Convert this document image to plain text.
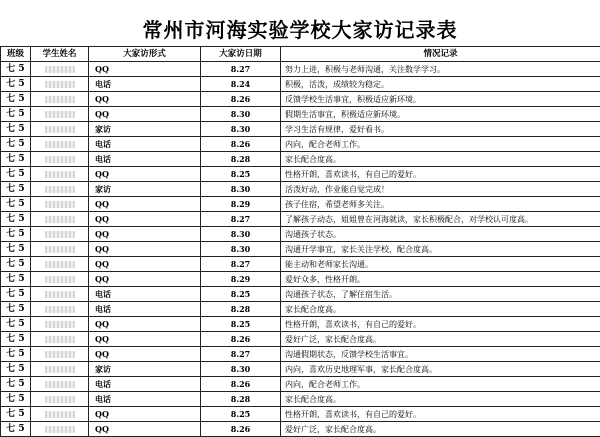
常州市河海实验学校大家访记录表
班级	学生姓名	大家访形式	大家访日期	情况记录
七 5		QQ	8.27	努力上进，积极与老师沟通，关注数学学习。
七 5		电话	8.24	积极，活泼，成绩较为稳定。
七 5		QQ	8.26	反馈学校生活事宜，积极适应新环境。
七 5		QQ	8.30	假期生活事宜，积极适应新环境。
七 5		家访	8.30	学习生活有规律，爱好看书。
七 5		电话	8.26	内向，配合老师工作。
七 5		电话	8.28	家长配合度高。
七 5		QQ	8.25	性格开朗，喜欢读书，有自己的爱好。
七 5		家访	8.30	活泼好动，作业能自觉完成！
七 5		QQ	8.29	孩子住宿，希望老师多关注。
七 5		QQ	8.27	了解孩子动态，姐姐曾在河海就读，家长积极配合，对学校认可度高。
七 5		QQ	8.30	沟通孩子状态。
七 5		QQ	8.30	沟通开学事宜，家长关注学校，配合度高。
七 5		QQ	8.27	能主动和老师家长沟通。
七 5		QQ	8.29	爱好众多，性格开朗。
七 5		电话	8.25	沟通孩子状态，了解住宿生活。
七 5		电话	8.28	家长配合度高。
七 5		QQ	8.25	性格开朗，喜欢读书，有自己的爱好。
七 5		QQ	8.26	爱好广泛，家长配合度高。
七 5		QQ	8.27	沟通假期状态，反馈学校生活事宜。
七 5		家访	8.30	内向，喜欢历史地理军事，家长配合度高。
七 5		电话	8.26	内向，配合老师工作。
七 5		电话	8.28	家长配合度高。
七 5		QQ	8.25	性格开朗，喜欢读书，有自己的爱好。
七 5		QQ	8.26	爱好广泛，家长配合度高。
